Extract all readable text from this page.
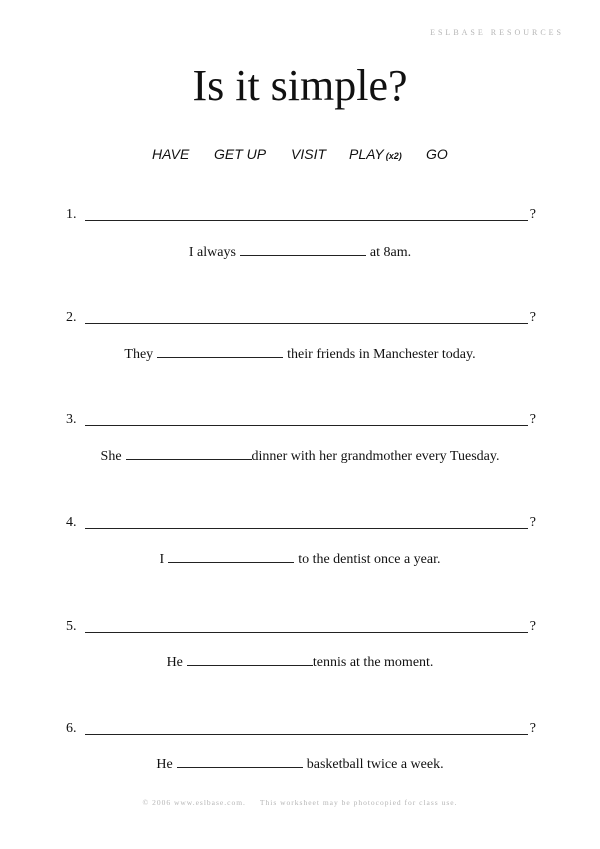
ESLBASE RESOURCES
Is it simple?
HAVE GET UP VISIT PLAY (x2) GO
1.	?
I always	at 8am.
2.	?
They	their friends in Manchester today.
3.	?
She	dinner with her grandmother every Tuesday.
4.	?
I	to the dentist once a year.
5.	?
He	tennis at the moment.
6.	?
He	basketball twice a week.
© 2006 www.eslbase.com. This worksheet may be photocopied for class use.
